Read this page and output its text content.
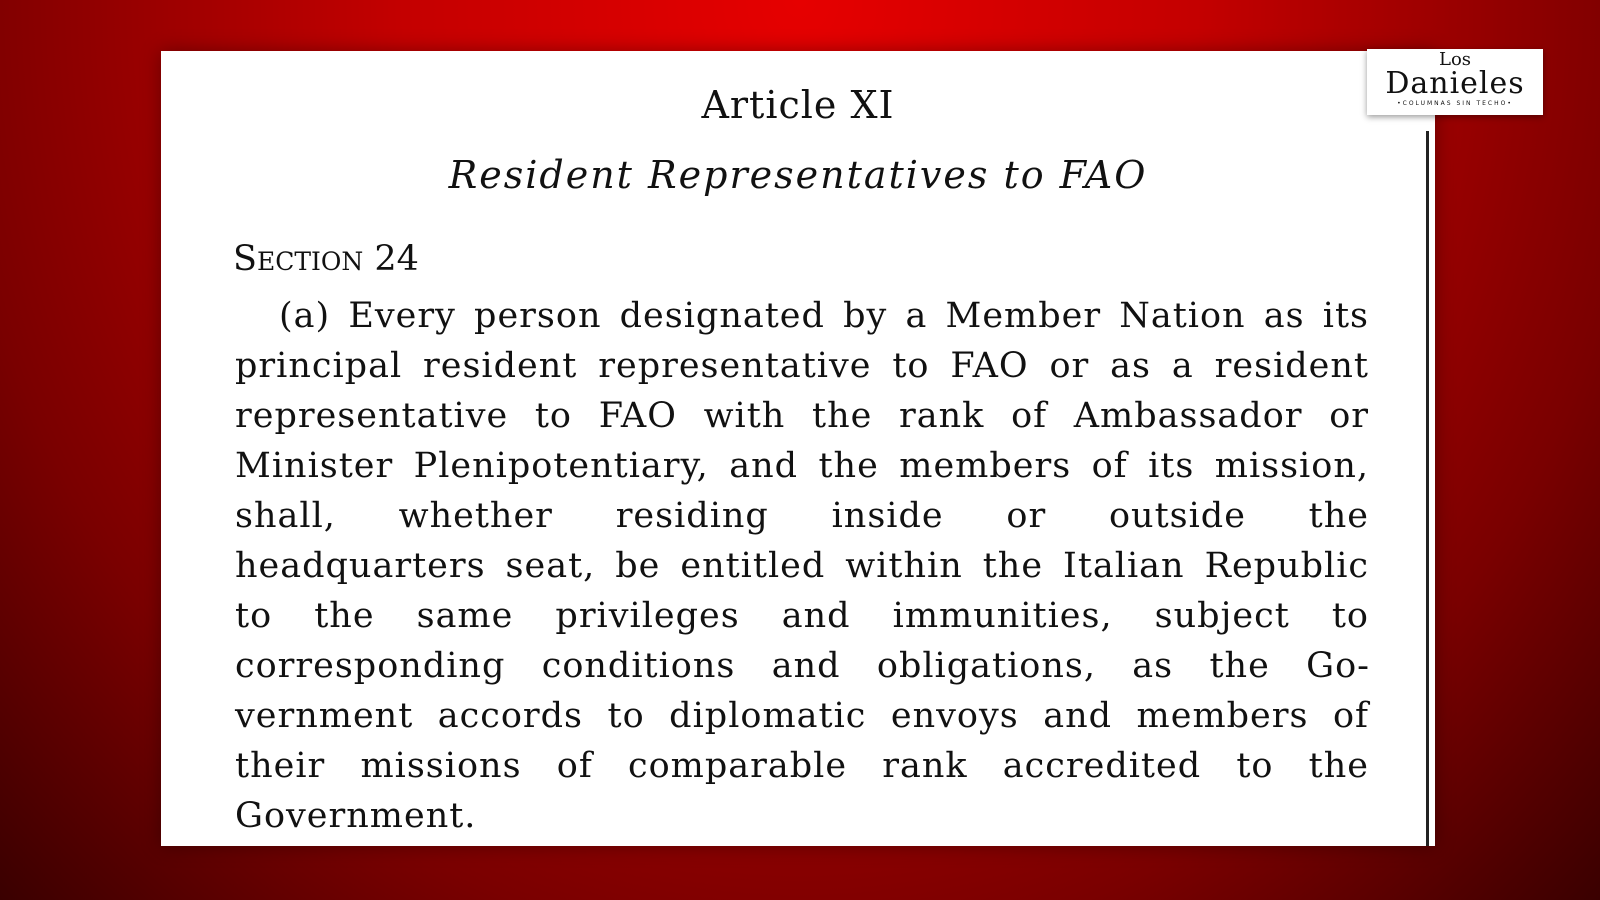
Article XI
Resident Representatives to FAO
Section 24

(a) Every person designated by a Member Nation as its principal resident representative to FAO or as a resident representative to FAO with the rank of Ambassador or Minister Plenipotentiary, and the members of its mission, shall, whether residing inside or outside the headquarters seat, be entitled within the Italian Republic to the same privileges and immunities, subject to corresponding conditions and obligations, as the Government accords to diplomatic envoys and members of their missions of comparable rank accredited to the Government.

Los
Danieles
•COLUMNAS SIN TECHO•
